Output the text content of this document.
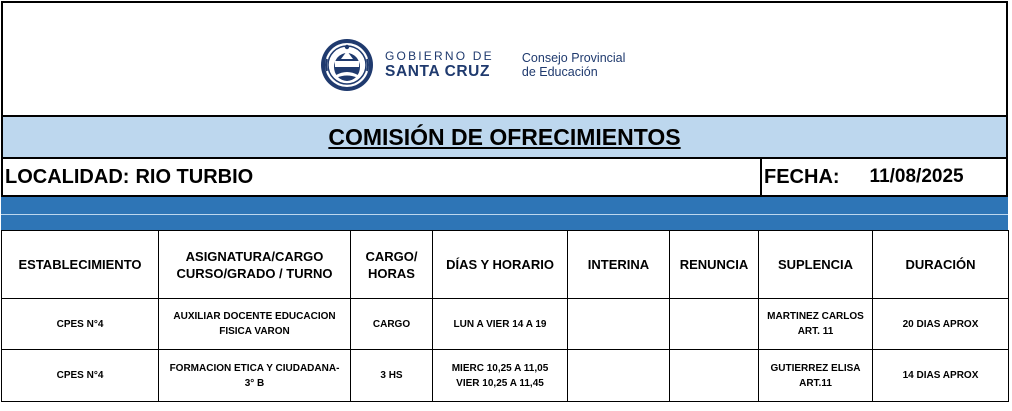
GOBIERNO DE
SANTA CRUZ
Consejo Provincial
de Educación
COMISIÓN DE OFRECIMIENTOS
LOCALIDAD: RIO TURBIO	FECHA: 11/08/2025
ESTABLECIMIENTO	ASIGNATURA/CARGO CURSO/GRADO / TURNO	CARGO/ HORAS	DÍAS Y HORARIO	INTERINA	RENUNCIA	SUPLENCIA	DURACIÓN
CPES N°4	AUXILIAR DOCENTE EDUCACION FISICA VARON	CARGO	LUN A VIER 14 A 19			MARTINEZ CARLOS ART. 11	20 DIAS APROX
CPES N°4	FORMACION ETICA Y CIUDADANA- 3° B	3 HS	MIERC 10,25 A 11,05 VIER 10,25 A 11,45			GUTIERREZ ELISA ART.11	14 DIAS APROX
